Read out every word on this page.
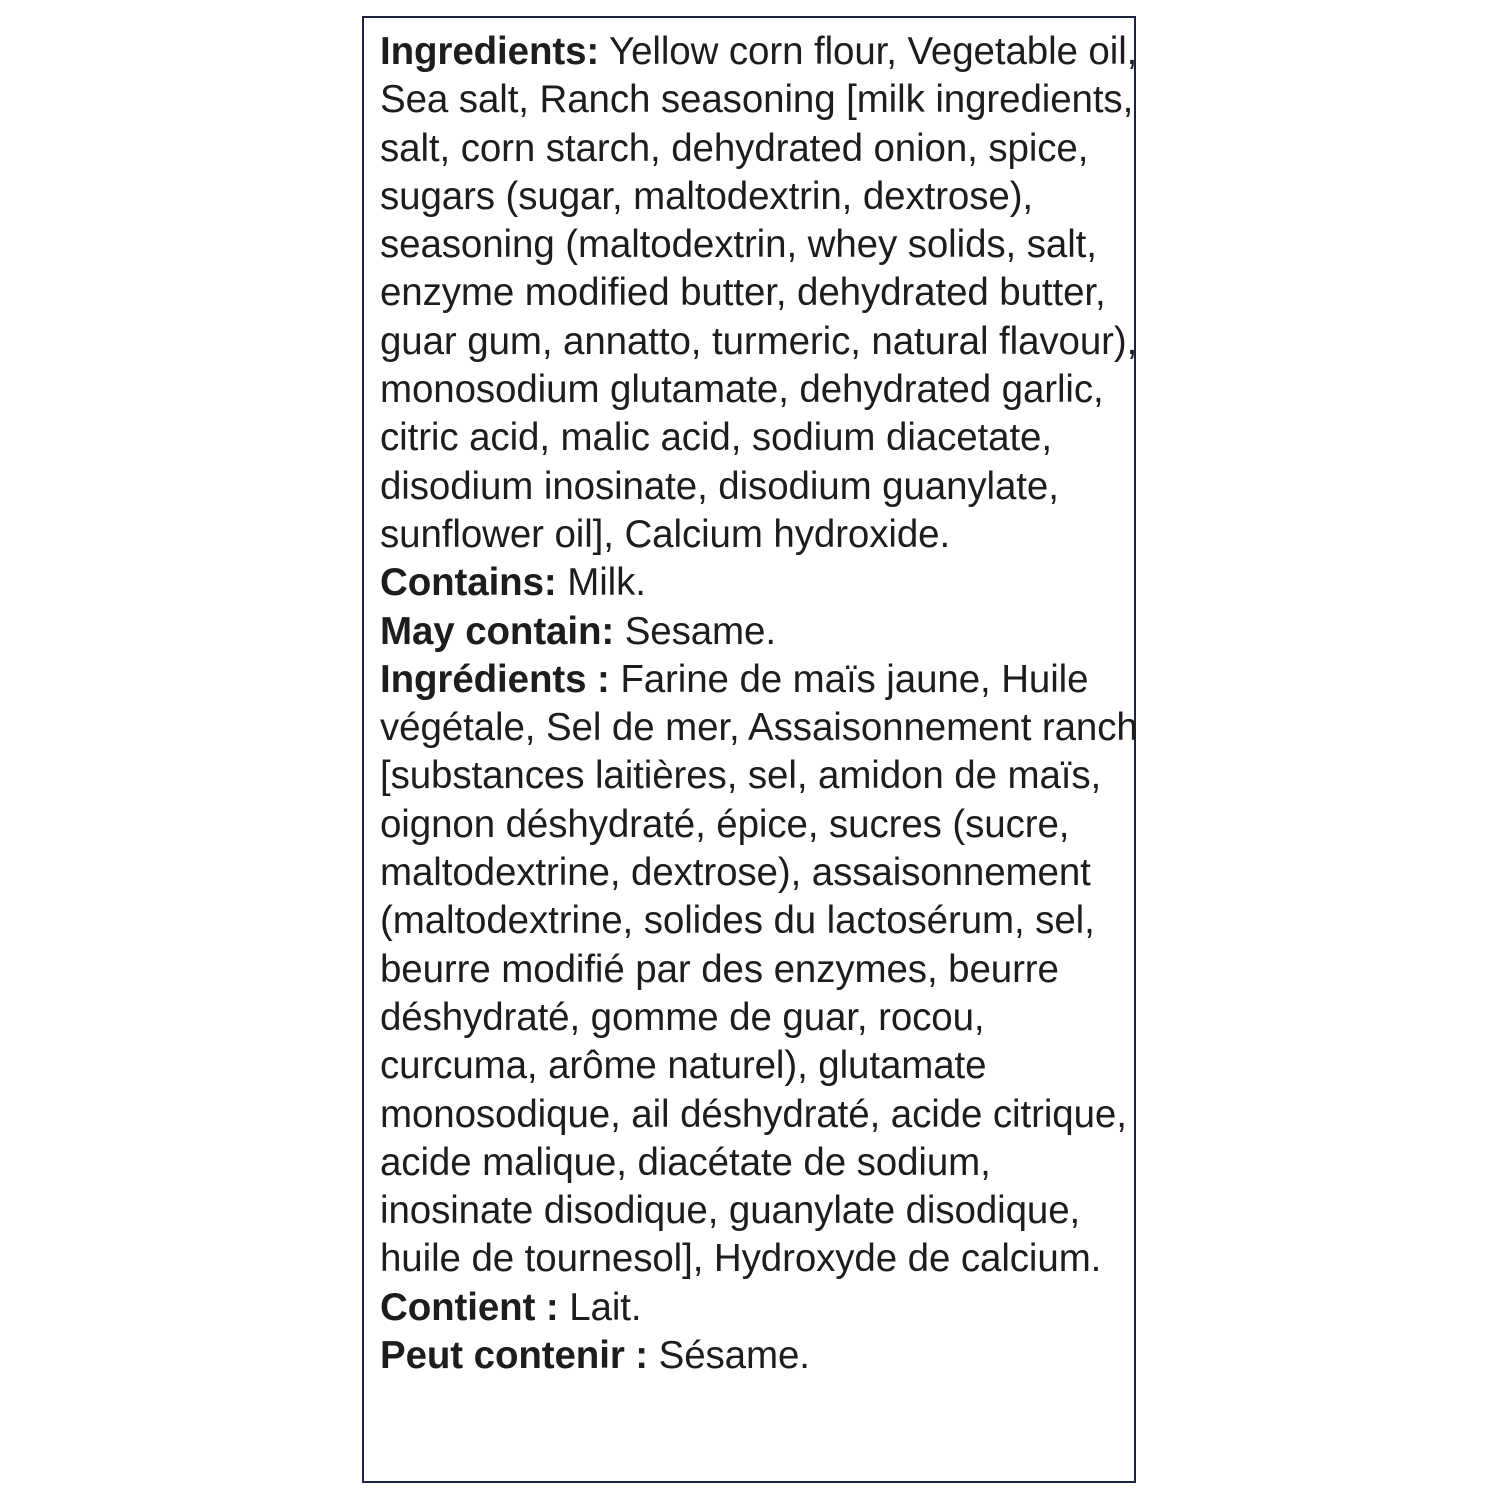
Ingredients: Yellow corn flour, Vegetable oil, Sea salt, Ranch seasoning [milk ingredients, salt, corn starch, dehydrated onion, spice, sugars (sugar, maltodextrin, dextrose), seasoning (maltodextrin, whey solids, salt, enzyme modified butter, dehydrated butter, guar gum, annatto, turmeric, natural flavour), monosodium glutamate, dehydrated garlic, citric acid, malic acid, sodium diacetate, disodium inosinate, disodium guanylate, sunflower oil], Calcium hydroxide.

Contains: Milk.

May contain: Sesame.

Ingrédients : Farine de maïs jaune, Huile végétale, Sel de mer, Assaisonnement ranch [substances laitières, sel, amidon de maïs, oignon déshydraté, épice, sucres (sucre, maltodextrine, dextrose), assaisonnement (maltodextrine, solides du lactosérum, sel, beurre modifié par des enzymes, beurre déshydraté, gomme de guar, rocou, curcuma, arôme naturel), glutamate monosodique, ail déshydraté, acide citrique, acide malique, diacétate de sodium, inosinate disodique, guanylate disodique, huile de tournesol], Hydroxyde de calcium.

Contient : Lait.

Peut contenir : Sésame.
